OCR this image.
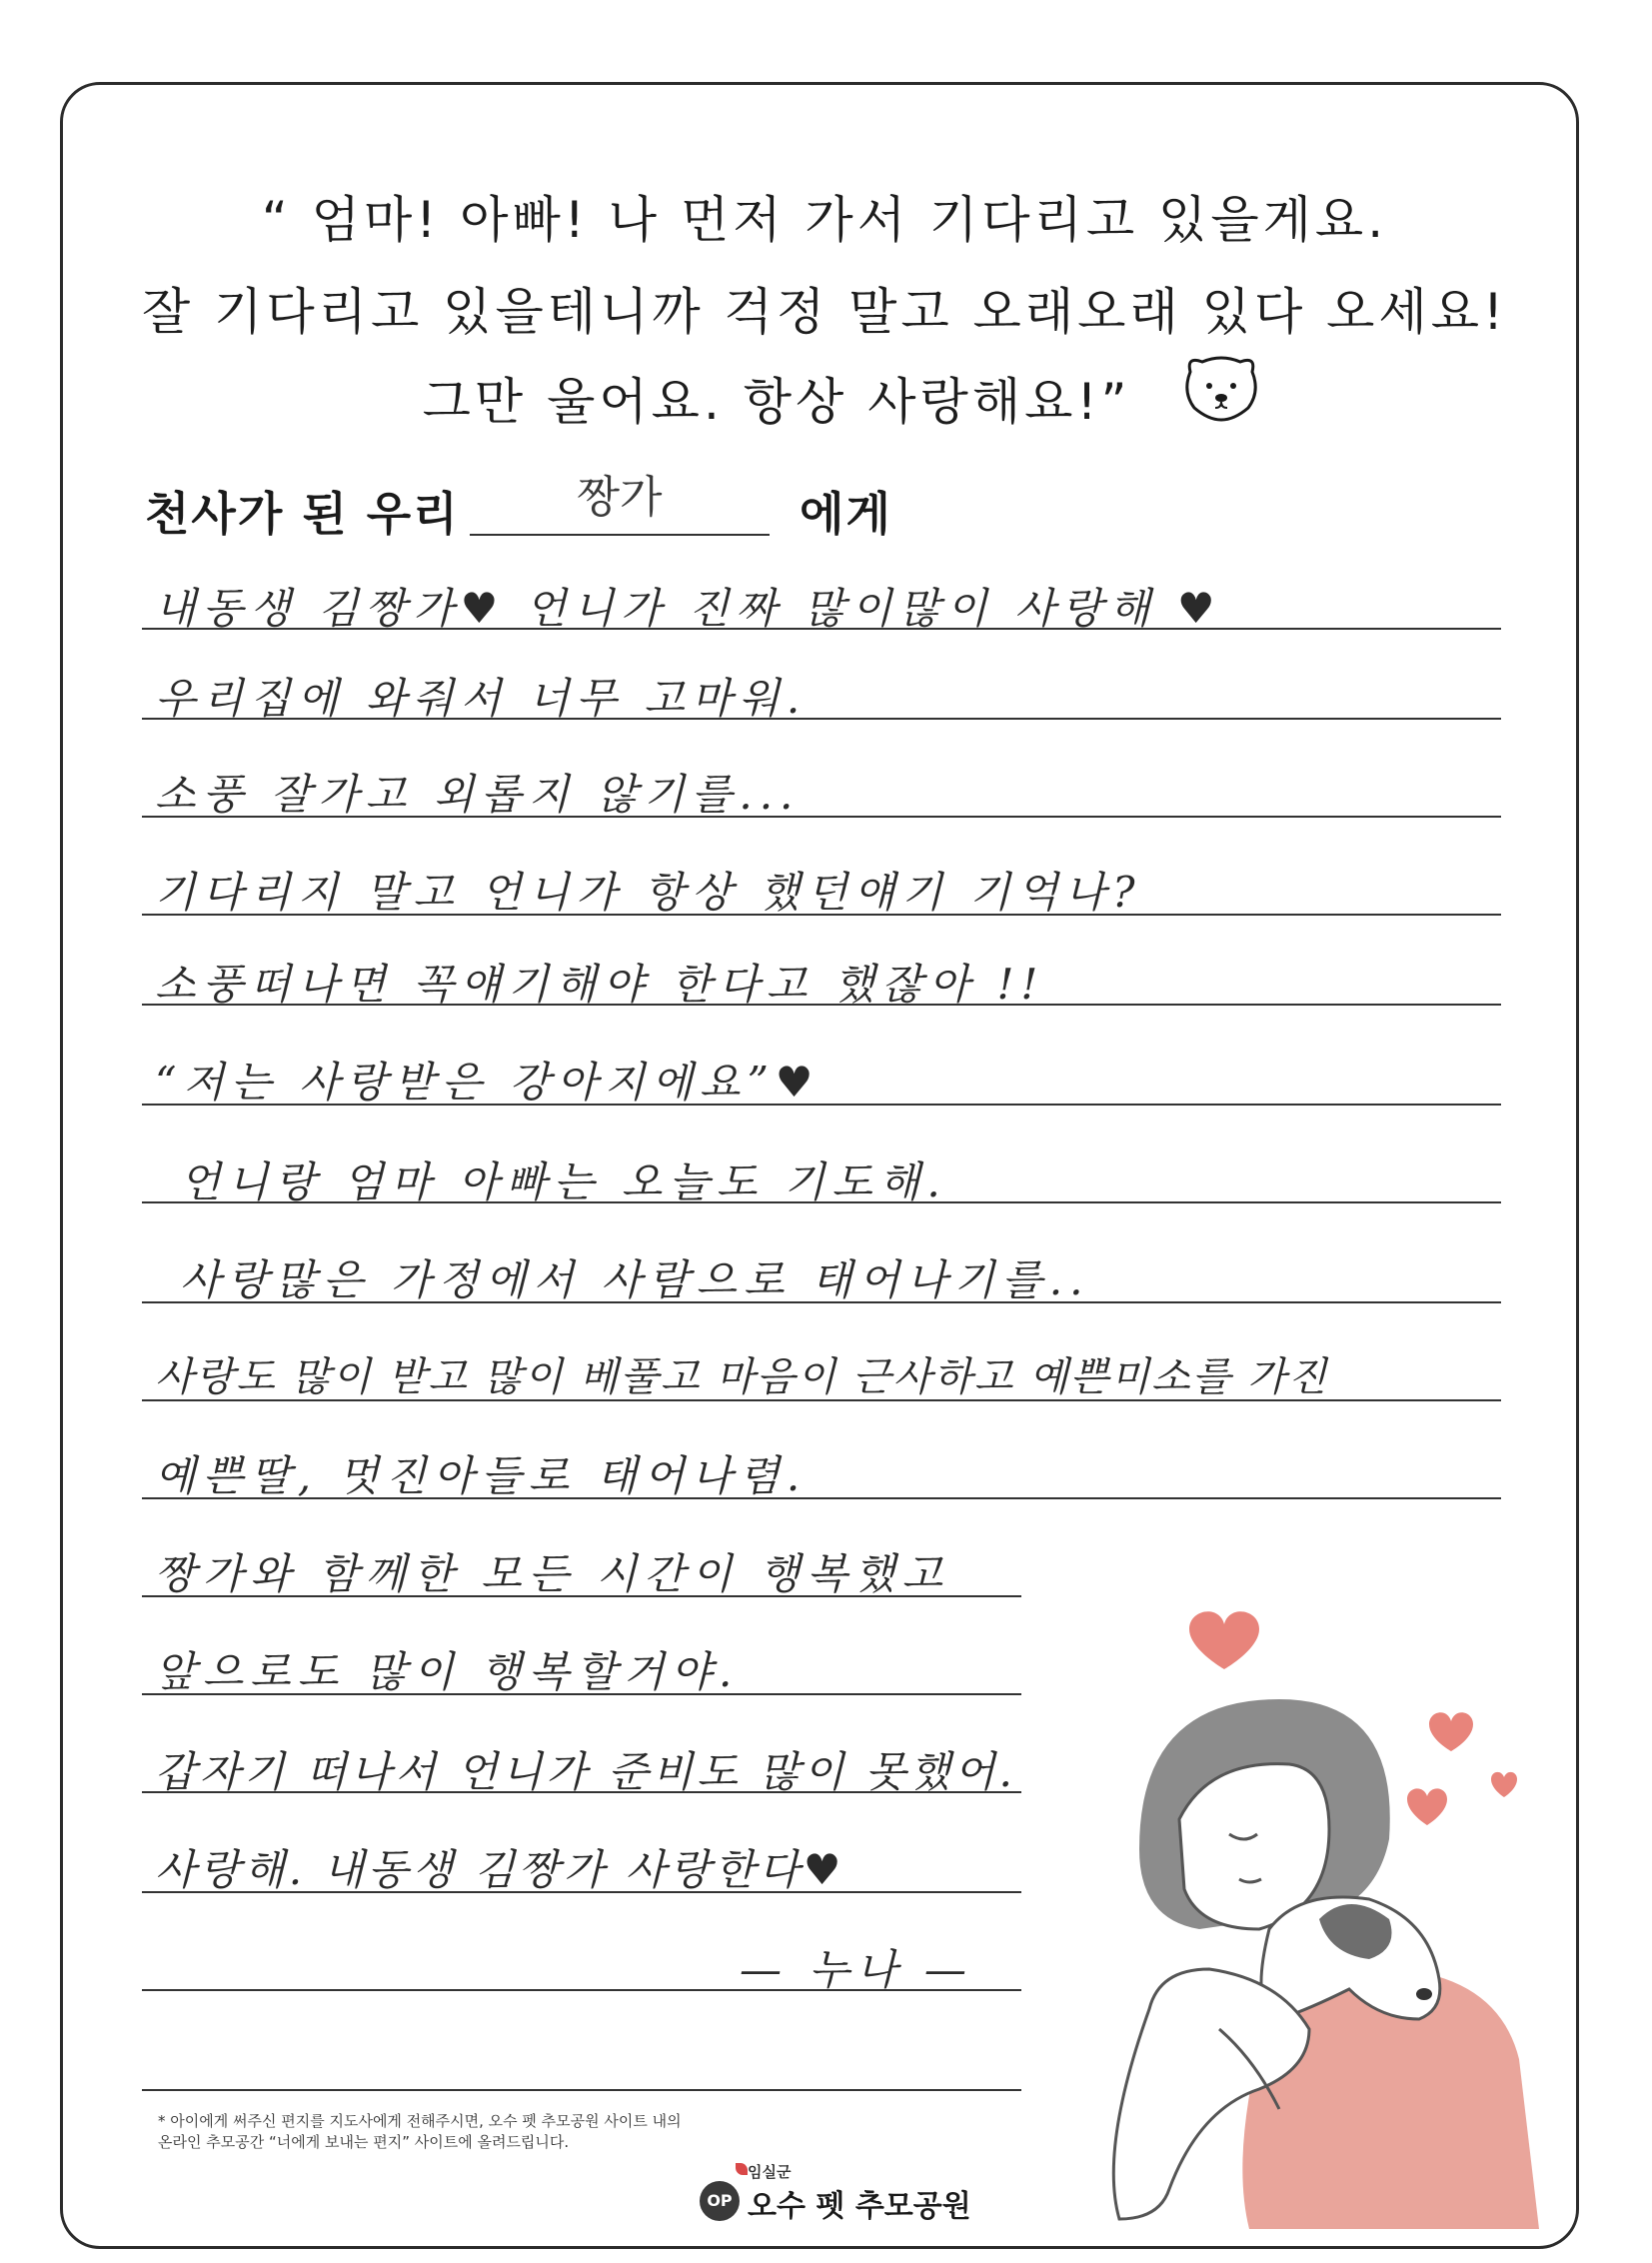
“ 엄마! 아빠! 나 먼저 가서 기다리고 있을게요.
잘 기다리고 있을테니까 걱정 말고 오래오래 있다 오세요!
그만 울어요. 항상 사랑해요!”
천사가 된 우리	짱가	에게
내동생 김짱가♥ 언니가 진짜 많이많이 사랑해 ♥
우리집에 와줘서 너무 고마워.
소풍 잘가고 외롭지 않기를...
기다리지 말고 언니가 항상 했던얘기 기억나?
소풍떠나면 꼭얘기해야 한다고 했잖아 !!
“저는 사랑받은 강아지에요”♥
언니랑 엄마 아빠는 오늘도 기도해.
사랑많은 가정에서 사람으로 태어나기를..
사랑도 많이 받고 많이 베풀고 마음이 근사하고 예쁜미소를 가진
예쁜딸, 멋진아들로 태어나렴.
짱가와 함께한 모든 시간이 행복했고
앞으로도 많이 행복할거야.
갑자기 떠나서 언니가 준비도 많이 못했어.
사랑해. 내동생 김짱가 사랑한다♥
— 누나 —
* 아이에게 써주신 편지를 지도사에게 전해주시면, 오수 펫 추모공원 사이트 내의
온라인 추모공간 “너에게 보내는 편지” 사이트에 올려드립니다.
OP
임실군
오수 펫 추모공원
